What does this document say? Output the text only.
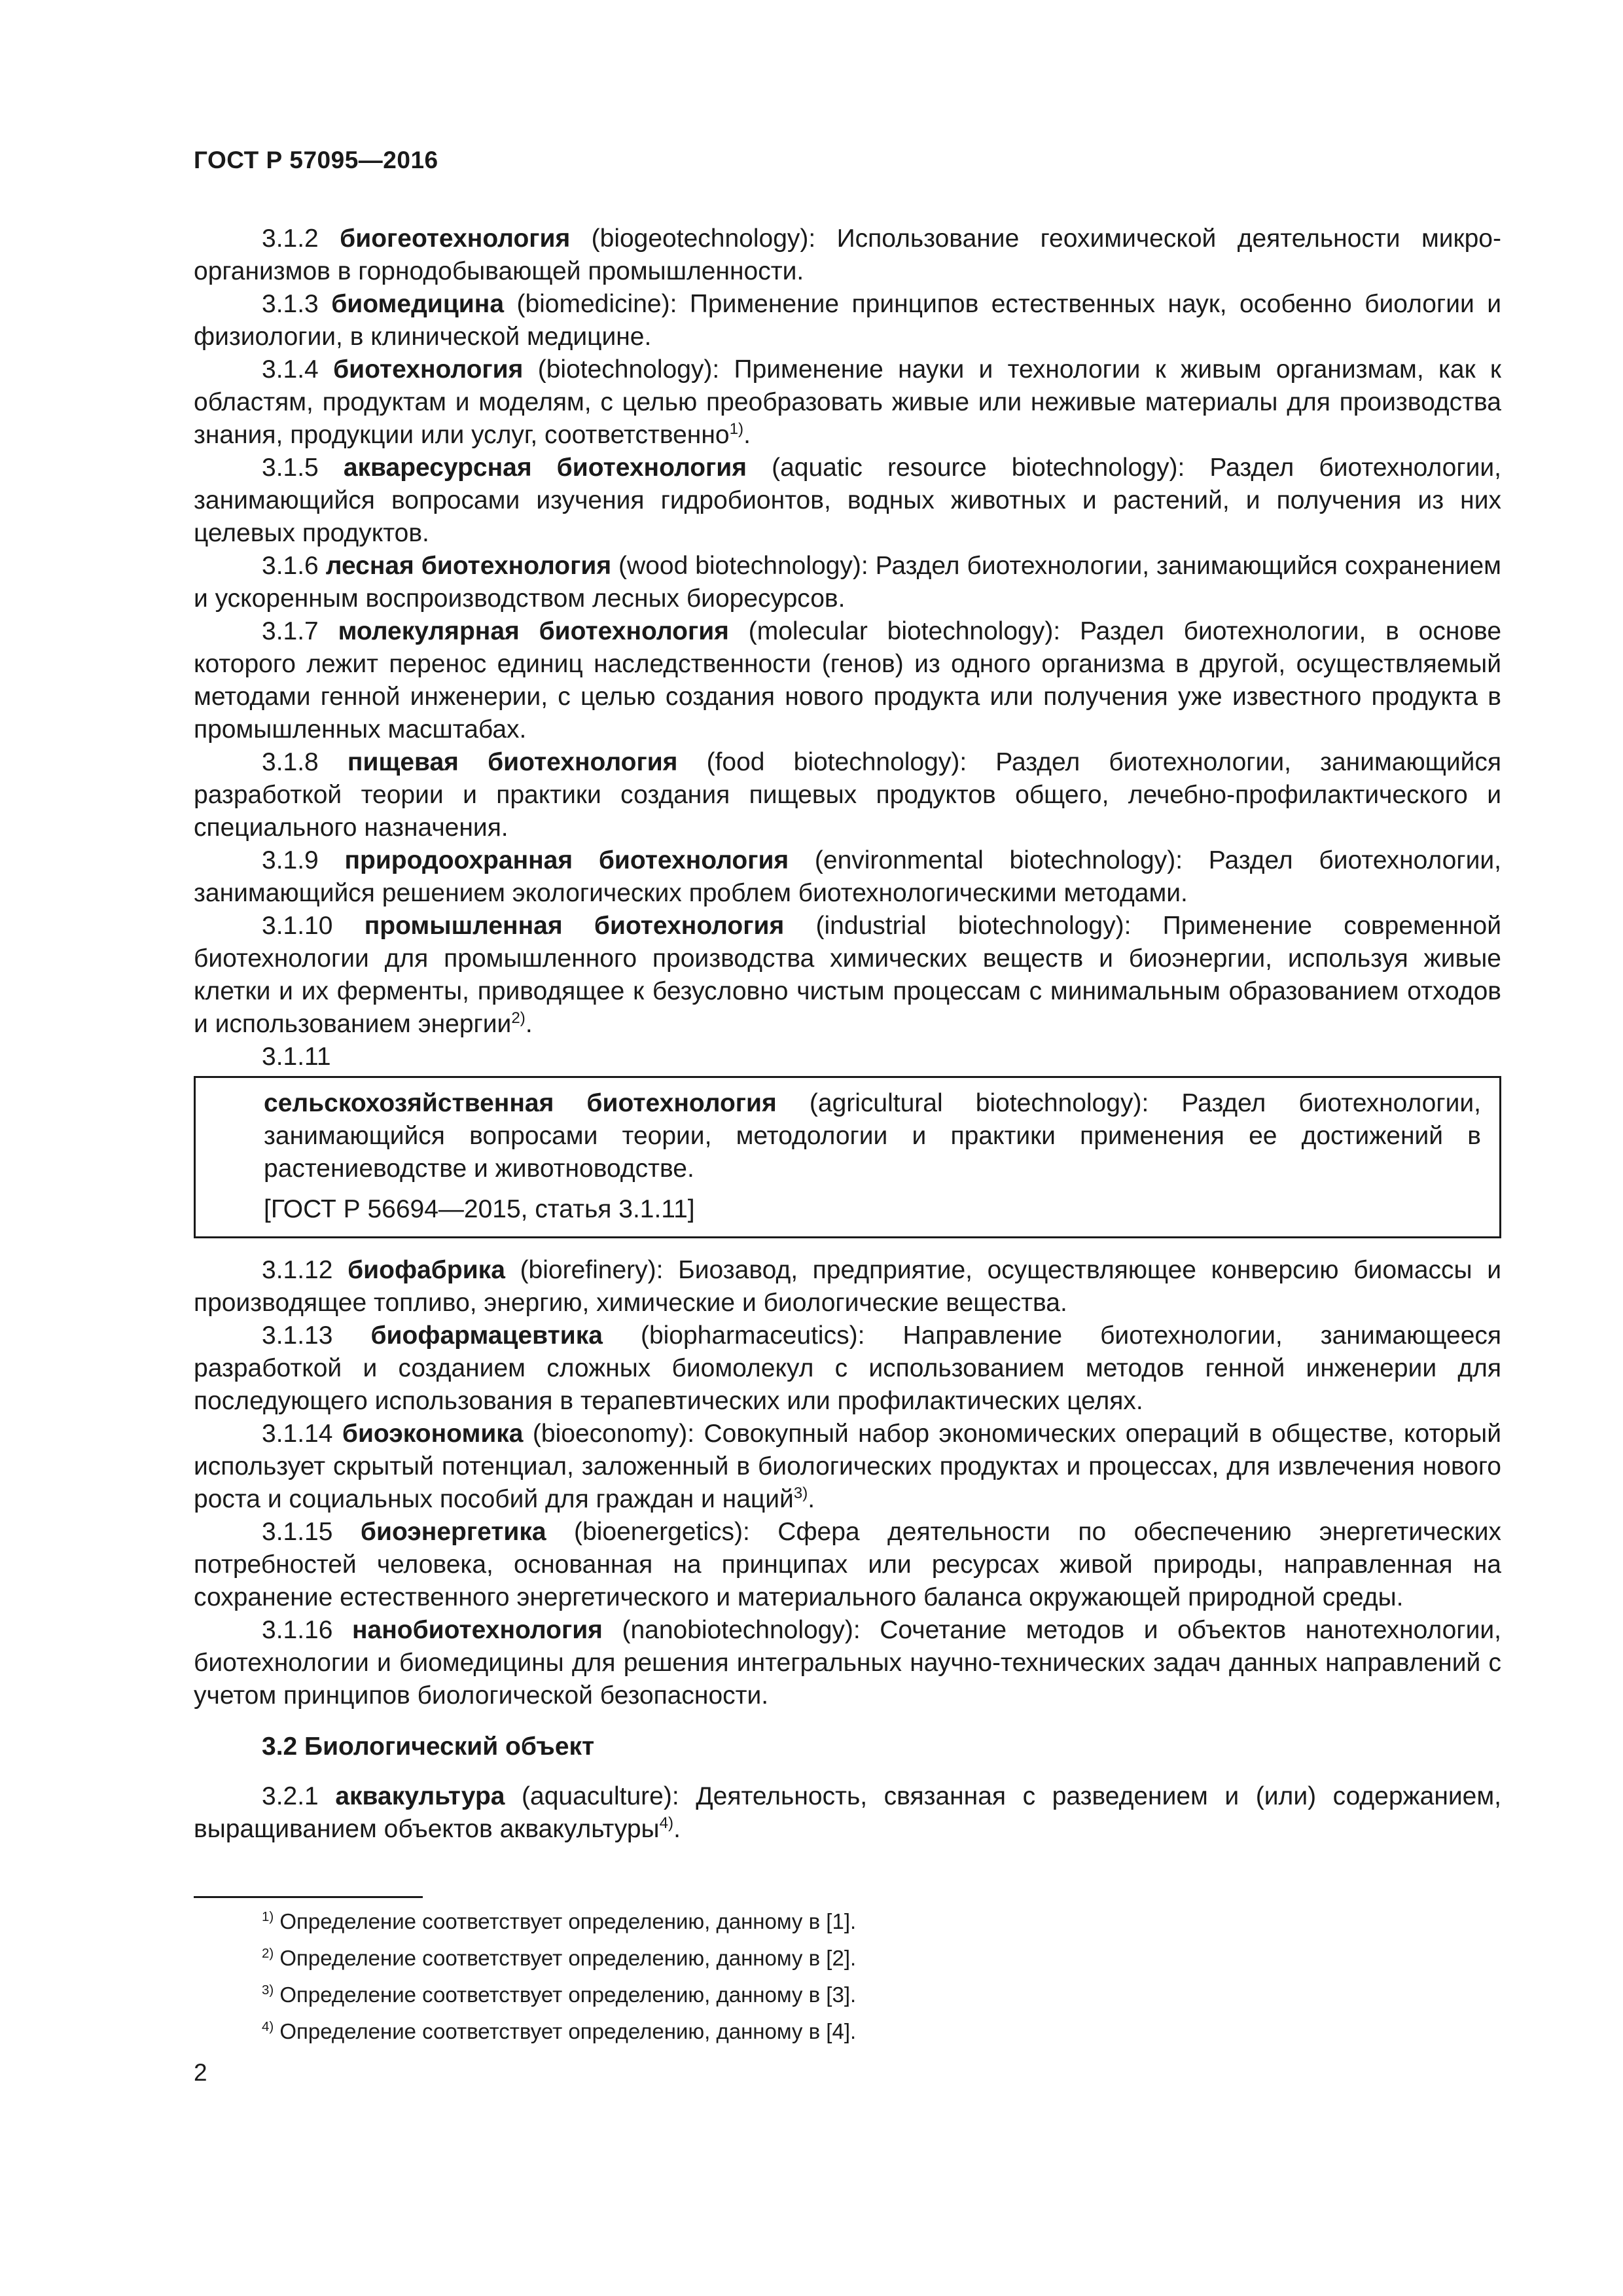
ГОСТ Р 57095—2016

3.1.2 биогеотехнология (biogeotechnology): Использование геохимической деятельности микро-организмов в горнодобывающей промышленности.

3.1.3 биомедицина (biomedicine): Применение принципов естественных наук, особенно биологии и физиологии, в клинической медицине.

3.1.4 биотехнология (biotechnology): Применение науки и технологии к живым организмам, как к областям, продуктам и моделям, с целью преобразовать живые или неживые материалы для производства знания, продукции или услуг, соответственно$^{1)}$.

3.1.5 акваресурсная биотехнология (aquatic resource biotechnology): Раздел биотехнологии, занимающийся вопросами изучения гидробионтов, водных животных и растений, и получения из них целевых продуктов.

3.1.6 лесная биотехнология (wood biotechnology): Раздел биотехнологии, занимающийся сохранением и ускоренным воспроизводством лесных биоресурсов.

3.1.7 молекулярная биотехнология (molecular biotechnology): Раздел биотехнологии, в основе которого лежит перенос единиц наследственности (генов) из одного организма в другой, осуществляемый методами генной инженерии, с целью создания нового продукта или получения уже известного продукта в промышленных масштабах.

3.1.8 пищевая биотехнология (food biotechnology): Раздел биотехнологии, занимающийся разработкой теории и практики создания пищевых продуктов общего, лечебно-профилактического и специального назначения.

3.1.9 природоохранная биотехнология (environmental biotechnology): Раздел биотехнологии, занимающийся решением экологических проблем биотехнологическими методами.

3.1.10 промышленная биотехнология (industrial biotechnology): Применение современной биотехнологии для промышленного производства химических веществ и биоэнергии, используя живые клетки и их ферменты, приводящее к безусловно чистым процессам с минимальным образованием отходов и использованием энергии$^{2)}$.

3.1.11

сельскохозяйственная биотехнология (agricultural biotechnology): Раздел биотехнологии, занимающийся вопросами теории, методологии и практики применения ее достижений в растениеводстве и животноводстве.

[ГОСТ Р 56694—2015, статья 3.1.11]

3.1.12 биофабрика (biorefinery): Биозавод, предприятие, осуществляющее конверсию биомассы и производящее топливо, энергию, химические и биологические вещества.

3.1.13 биофармацевтика (biopharmaceutics): Направление биотехнологии, занимающееся разработкой и созданием сложных биомолекул с использованием методов генной инженерии для последующего использования в терапевтических или профилактических целях.

3.1.14 биоэкономика (bioeconomy): Совокупный набор экономических операций в обществе, который использует скрытый потенциал, заложенный в биологических продуктах и процессах, для извлечения нового роста и социальных пособий для граждан и наций$^{3)}$.

3.1.15 биоэнергетика (bioenergetics): Сфера деятельности по обеспечению энергетических потребностей человека, основанная на принципах или ресурсах живой природы, направленная на сохранение естественного энергетического и материального баланса окружающей природной среды.

3.1.16 нанобиотехнология (nanobiotechnology): Сочетание методов и объектов нанотехнологии, биотехнологии и биомедицины для решения интегральных научно-технических задач данных направлений с учетом принципов биологической безопасности.

3.2 Биологический объект

3.2.1 аквакультура (aquaculture): Деятельность, связанная с разведением и (или) содержанием, выращиванием объектов аквакультуры$^{4)}$.

$^{1)}$ Определение соответствует определению, данному в [1].

$^{2)}$ Определение соответствует определению, данному в [2].

$^{3)}$ Определение соответствует определению, данному в [3].

$^{4)}$ Определение соответствует определению, данному в [4].

2
